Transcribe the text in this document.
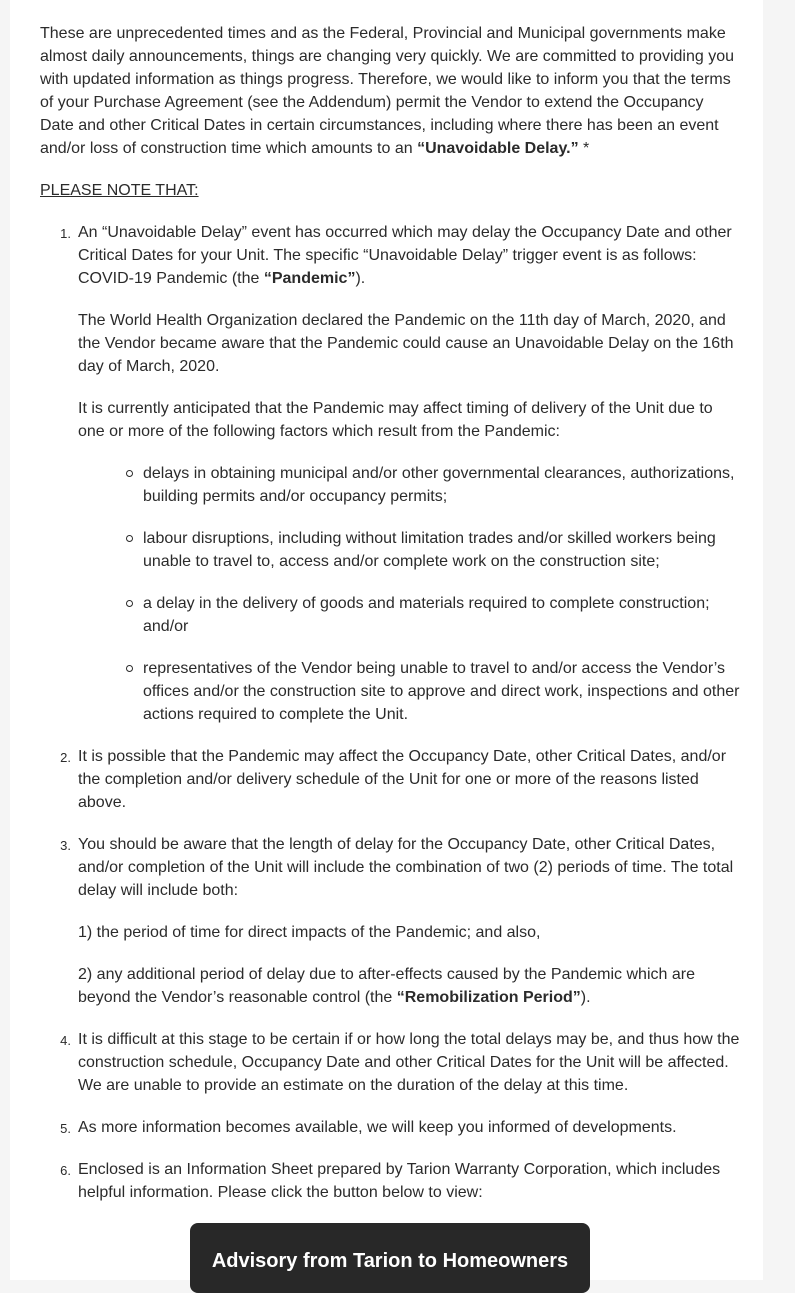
These are unprecedented times and as the Federal, Provincial and Municipal governments make almost daily announcements, things are changing very quickly. We are committed to providing you with updated information as things progress. Therefore, we would like to inform you that the terms of your Purchase Agreement (see the Addendum) permit the Vendor to extend the Occupancy Date and other Critical Dates in certain circumstances, including where there has been an event and/or loss of construction time which amounts to an “Unavoidable Delay.” *

PLEASE NOTE THAT:

1. An “Unavoidable Delay” event has occurred which may delay the Occupancy Date and other Critical Dates for your Unit. The specific “Unavoidable Delay” trigger event is as follows: COVID-19 Pandemic (the “Pandemic”).

The World Health Organization declared the Pandemic on the 11th day of March, 2020, and the Vendor became aware that the Pandemic could cause an Unavoidable Delay on the 16th day of March, 2020.

It is currently anticipated that the Pandemic may affect timing of delivery of the Unit due to one or more of the following factors which result from the Pandemic:

delays in obtaining municipal and/or other governmental clearances, authorizations, building permits and/or occupancy permits;
labour disruptions, including without limitation trades and/or skilled workers being unable to travel to, access and/or complete work on the construction site;
a delay in the delivery of goods and materials required to complete construction; and/or
representatives of the Vendor being unable to travel to and/or access the Vendor’s offices and/or the construction site to approve and direct work, inspections and other actions required to complete the Unit.
2. It is possible that the Pandemic may affect the Occupancy Date, other Critical Dates, and/or the completion and/or delivery schedule of the Unit for one or more of the reasons listed above.

3. You should be aware that the length of delay for the Occupancy Date, other Critical Dates, and/or completion of the Unit will include the combination of two (2) periods of time. The total delay will include both:

1) the period of time for direct impacts of the Pandemic; and also,

2) any additional period of delay due to after-effects caused by the Pandemic which are beyond the Vendor’s reasonable control (the “Remobilization Period”).

4. It is difficult at this stage to be certain if or how long the total delays may be, and thus how the construction schedule, Occupancy Date and other Critical Dates for the Unit will be affected. We are unable to provide an estimate on the duration of the delay at this time.

5. As more information becomes available, we will keep you informed of developments.

6. Enclosed is an Information Sheet prepared by Tarion Warranty Corporation, which includes helpful information. Please click the button below to view:

Advisory from Tarion to Homeowners
